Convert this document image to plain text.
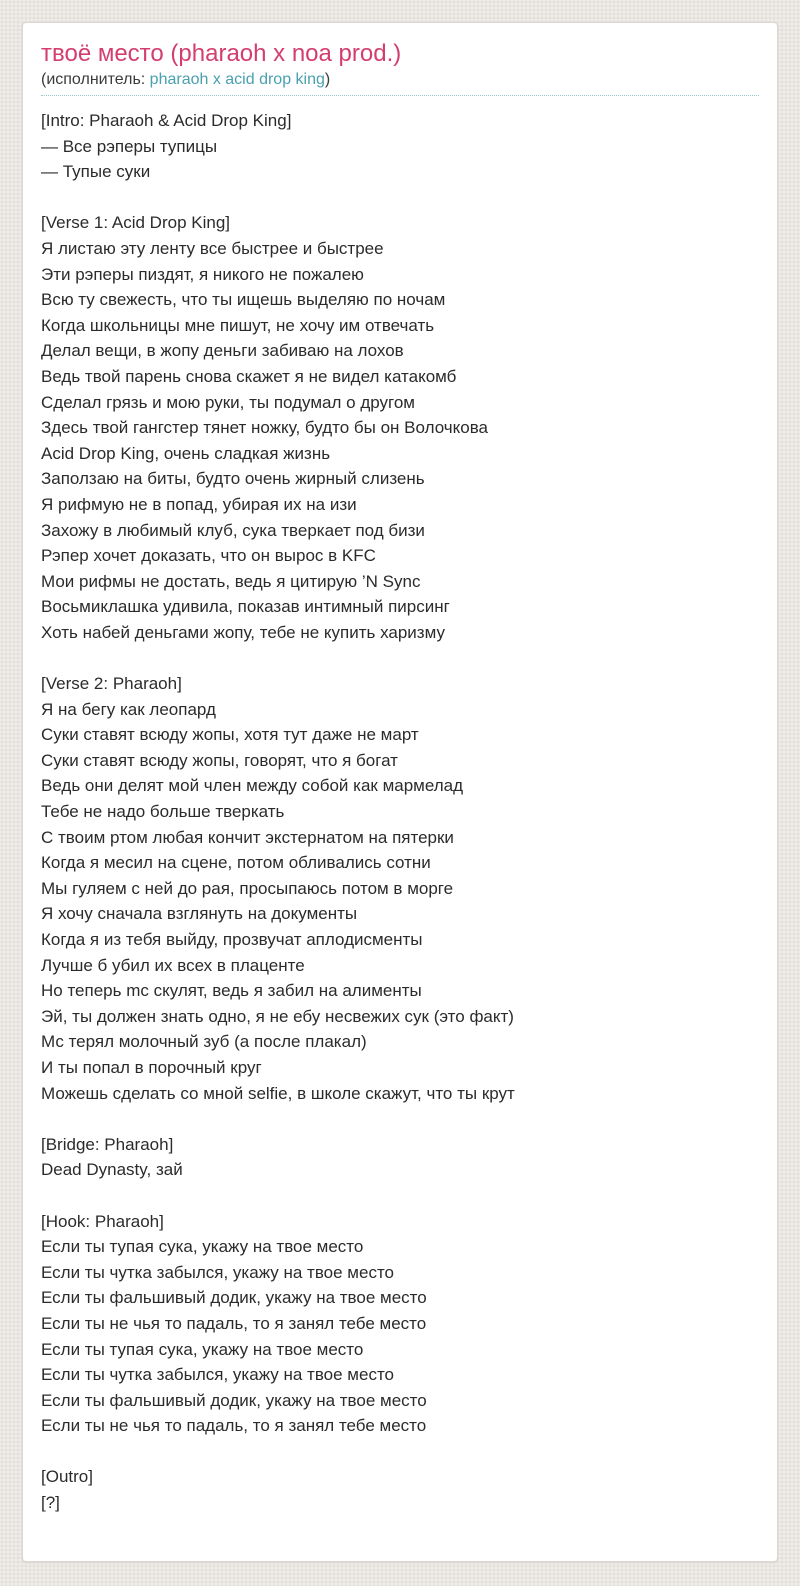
твоё место (pharaoh x noa prod.)
(исполнитель: pharaoh x acid drop king)
[Intro: Pharaoh & Acid Drop King]
— Все рэперы тупицы
— Тупые суки
[Verse 1: Acid Drop King]
Я листаю эту ленту все быстрее и быстрее
Эти рэперы пиздят, я никого не пожалею
Всю ту свежесть, что ты ищешь выделяю по ночам
Когда школьницы мне пишут, не хочу им отвечать
Делал вещи, в жопу деньги забиваю на лохов
Ведь твой парень снова скажет я не видел катакомб
Сделал грязь и мою руки, ты подумал о другом
Здесь твой гангстер тянет ножку, будто бы он Волочкова
Acid Drop King, очень сладкая жизнь
Заползаю на биты, будто очень жирный слизень
Я рифмую не в попад, убирая их на изи
Захожу в любимый клуб, сука тверкает под бизи
Рэпер хочет доказать, что он вырос в KFC
Мои рифмы не достать, ведь я цитирую ’N Sync
Восьмиклашка удивила, показав интимный пирсинг
Хоть набей деньгами жопу, тебе не купить харизму
[Verse 2: Pharaoh]
Я на бегу как леопард
Суки ставят всюду жопы, хотя тут даже не март
Суки ставят всюду жопы, говорят, что я богат
Ведь они делят мой член между собой как мармелад
Тебе не надо больше тверкать
С твоим ртом любая кончит экстернатом на пятерки
Когда я месил на сцене, потом обливались сотни
Мы гуляем с ней до рая, просыпаюсь потом в морге
Я хочу сначала взглянуть на документы
Когда я из тебя выйду, прозвучат аплодисменты
Лучше б убил их всех в плаценте
Но теперь mc скулят, ведь я забил на алименты
Эй, ты должен знать одно, я не ебу несвежих сук (это факт)
Мс терял молочный зуб (а после плакал)
И ты попал в порочный круг
Можешь сделать со мной selfie, в школе скажут, что ты крут
[Bridge: Pharaoh]
Dead Dynasty, зай
[Hook: Pharaoh]
Если ты тупая сука, укажу на твое место
Если ты чутка забылся, укажу на твое место
Если ты фальшивый додик, укажу на твое место
Если ты не чья то падаль, то я занял тебе место
Если ты тупая сука, укажу на твое место
Если ты чутка забылся, укажу на твое место
Если ты фальшивый додик, укажу на твое место
Если ты не чья то падаль, то я занял тебе место
[Outro]
[?]
